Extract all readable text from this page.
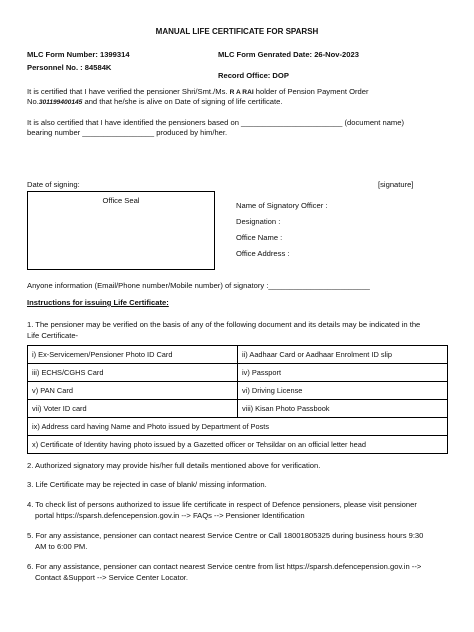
MANUAL LIFE CERTIFICATE FOR SPARSH
MLC Form Number: 1399314
Personnel No. : 84584K
MLC Form Genrated Date: 26-Nov-2023
Record Office: DOP
It is certified that I have verified the pensioner Shri/Smt./Ms. R A RAI holder of Pension Payment Order
No.301199400145 and that he/she is alive on Date of signing of life certificate.
It is also certified that I have identified the pensioners based on ________________________ (document name)
bearing number _________________ produced by him/her.
Date of signing:	[signature]
Office Seal
Name of Signatory Officer :
Designation :
Office Name :
Office Address :
Anyone information (Email/Phone number/Mobile number) of signatory :________________________
Instructions for issuing Life Certificate:
1. The pensioner may be verified on the basis of any of the following document and its details may be indicated in the
Life Certificate-
i) Ex-Servicemen/Pensioner Photo ID Card	ii) Aadhaar Card or Aadhaar Enrolment ID slip
iii) ECHS/CGHS Card	iv) Passport
v) PAN Card	vi) Driving License
vii) Voter ID card	viii) Kisan Photo Passbook
ix) Address card having Name and Photo issued by Department of Posts	
x) Certificate of Identity having photo issued by a Gazetted officer or Tehsildar on an official letter head	
2. Authorized signatory may provide his/her full details mentioned above for verification.
3. Life Certificate may be rejected in case of blank/ missing information.
4. To check list of persons authorized to issue life certificate in respect of Defence pensioners, please visit pensioner
portal https://sparsh.defencepension.gov.in --> FAQs --> Pensioner Identification
5. For any assistance, pensioner can contact nearest Service Centre or Call 18001805325 during business hours 9:30
AM to 6:00 PM.
6. For any assistance, pensioner can contact nearest Service centre from list https://sparsh.defencepension.gov.in -->
Contact &Support --> Service Center Locator.
